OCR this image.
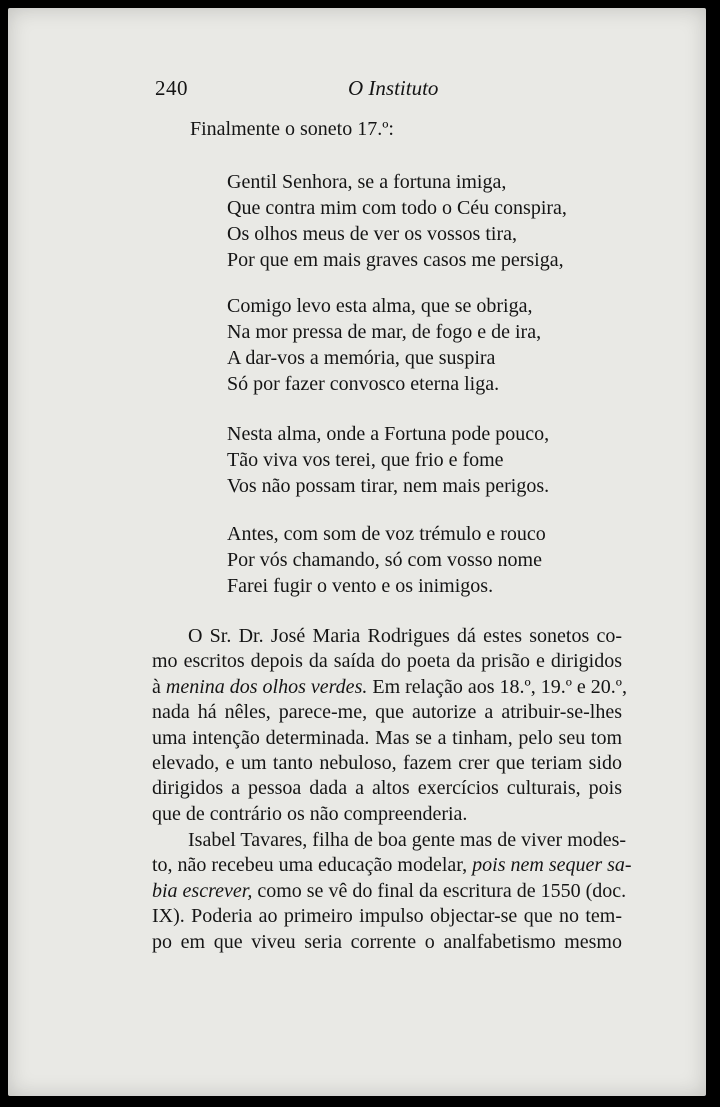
240	O Instituto

Finalmente o soneto 17.º:

Gentil Senhora, se a fortuna imiga,
Que contra mim com todo o Céu conspira,
Os olhos meus de ver os vossos tira,
Por que em mais graves casos me persiga,
Comigo levo esta alma, que se obriga,
Na mor pressa de mar, de fogo e de ira,
A dar-vos a memória, que suspira
Só por fazer convosco eterna liga.
Nesta alma, onde a Fortuna pode pouco,
Tão viva vos terei, que frio e fome
Vos não possam tirar, nem mais perigos.
Antes, com som de voz trémulo e rouco
Por vós chamando, só com vosso nome
Farei fugir o vento e os inimigos.
O Sr. Dr. José Maria Rodrigues dá estes sonetos co-
mo escritos depois da saída do poeta da prisão e dirigidos
à menina dos olhos verdes. Em relação aos 18.º, 19.º e 20.º,
nada há nêles, parece-me, que autorize a atribuir-se-lhes
uma intenção determinada. Mas se a tinham, pelo seu tom
elevado, e um tanto nebuloso, fazem crer que teriam sido
dirigidos a pessoa dada a altos exercícios culturais, pois
que de contrário os não compreenderia.
Isabel Tavares, filha de boa gente mas de viver modes-
to, não recebeu uma educação modelar, pois nem sequer sa-
bia escrever, como se vê do final da escritura de 1550 (doc.
IX). Poderia ao primeiro impulso objectar-se que no tem-
po em que viveu seria corrente o analfabetismo mesmo
